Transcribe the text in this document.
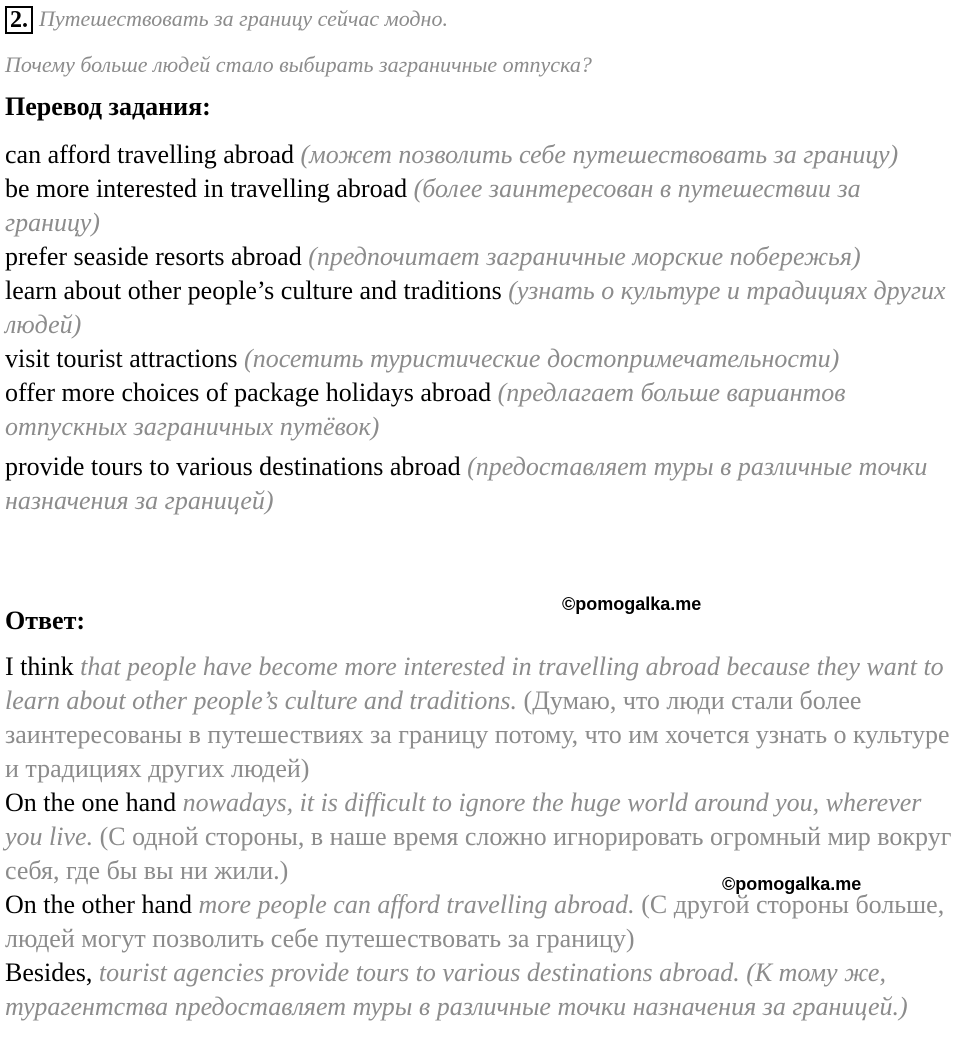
2. Путешествовать за границу сейчас модно.
Почему больше людей стало выбирать заграничные отпуска?
Перевод задания:
can afford travelling abroad (может позволить себе путешествовать за границу)
be more interested in travelling abroad (более заинтересован в путешествии за границу)
prefer seaside resorts abroad (предпочитает заграничные морские побережья)
learn about other people’s culture and traditions (узнать о культуре и традициях других людей)
visit tourist attractions (посетить туристические достопримечательности)
offer more choices of package holidays abroad (предлагает больше вариантов отпускных заграничных путёвок)
provide tours to various destinations abroad (предоставляет туры в различные точки назначения за границей)
©pomogalka.me
Ответ:

I think that people have become more interested in travelling abroad because they want to learn about other people’s culture and traditions. (Думаю, что люди стали более заинтересованы в путешествиях за границу потому, что им хочется узнать о культуре и традициях других людей)

On the one hand nowadays, it is difficult to ignore the huge world around you, wherever you live. (С одной стороны, в наше время сложно игнорировать огромный мир вокруг себя, где бы вы ни жили.)

On the other hand more people can afford travelling abroad. (С другой стороны больше, людей могут позволить себе путешествовать за границу)

Besides, tourist agencies provide tours to various destinations abroad. (К тому же, турагентства предоставляет туры в различные точки назначения за границей.)

©pomogalka.me
